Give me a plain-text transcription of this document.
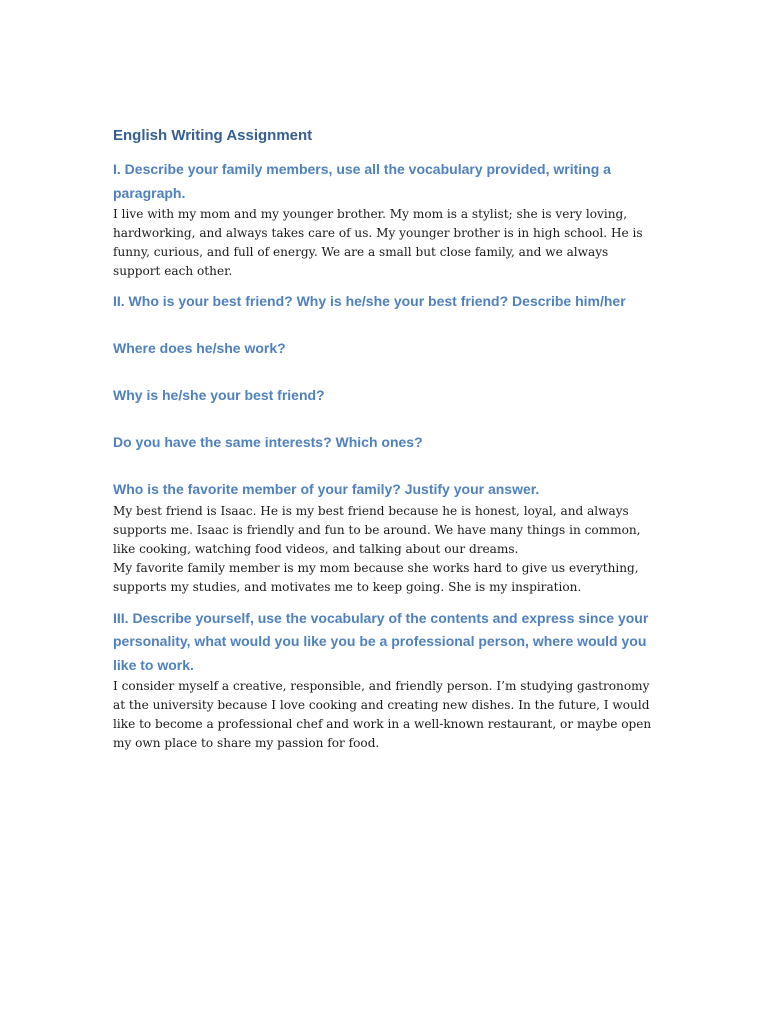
English Writing Assignment
I. Describe your family members, use all the vocabulary provided, writing a paragraph.

I live with my mom and my younger brother. My mom is a stylist; she is very loving, hardworking, and always takes care of us. My younger brother is in high school. He is funny, curious, and full of energy. We are a small but close family, and we always support each other.

II. Who is your best friend? Why is he/she your best friend? Describe him/her
Where does he/she work?
Why is he/she your best friend?
Do you have the same interests? Which ones?
Who is the favorite member of your family? Justify your answer.

My best friend is Isaac. He is my best friend because he is honest, loyal, and always supports me. Isaac is friendly and fun to be around. We have many things in common, like cooking, watching food videos, and talking about our dreams.

My favorite family member is my mom because she works hard to give us everything, supports my studies, and motivates me to keep going. She is my inspiration.

III. Describe yourself, use the vocabulary of the contents and express since your personality, what would you like you be a professional person, where would you like to work.

I consider myself a creative, responsible, and friendly person. I’m studying gastronomy at the university because I love cooking and creating new dishes. In the future, I would like to become a professional chef and work in a well-known restaurant, or maybe open my own place to share my passion for food.
